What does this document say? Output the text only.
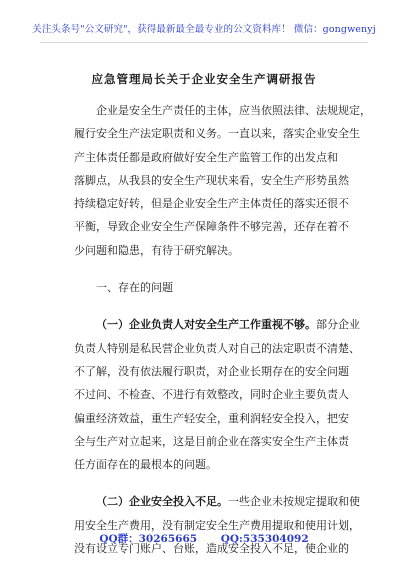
关注头条号"公文研究"，获得最新最全最专业的公文资料库！ 微信：gongwenyj
应急管理局长关于企业安全生产调研报告
企业是安全生产责任的主体，应当依照法律、法规规定，
履行安全生产法定职责和义务。一直以来，落实企业安全生
产主体责任都是政府做好安全生产监管工作的出发点和
落脚点，从我县的安全生产现状来看，安全生产形势虽然
持续稳定好转，但是企业安全生产主体责任的落实还很不
平衡，导致企业安全生产保障条件不够完善，还存在着不
少问题和隐患，有待于研究解决。
一、存在的问题
（一）企业负责人对安全生产工作重视不够。部分企业
负责人特别是私民营企业负责人对自己的法定职责不清楚、
不了解，没有依法履行职责，对企业长期存在的安全问题
不过问、不检查、不进行有效整改，同时企业主要负责人
偏重经济效益，重生产轻安全，重利润轻安全投入，把安
全与生产对立起来，这是目前企业在落实安全生产主体责
任方面存在的最根本的问题。
（二）企业安全投入不足。一些企业未按规定提取和使
用安全生产费用，没有制定安全生产费用提取和使用计划，
没有设立专门账户、台账，造成安全投入不足，使企业的
QQ群：30265665 QQ:535304092
